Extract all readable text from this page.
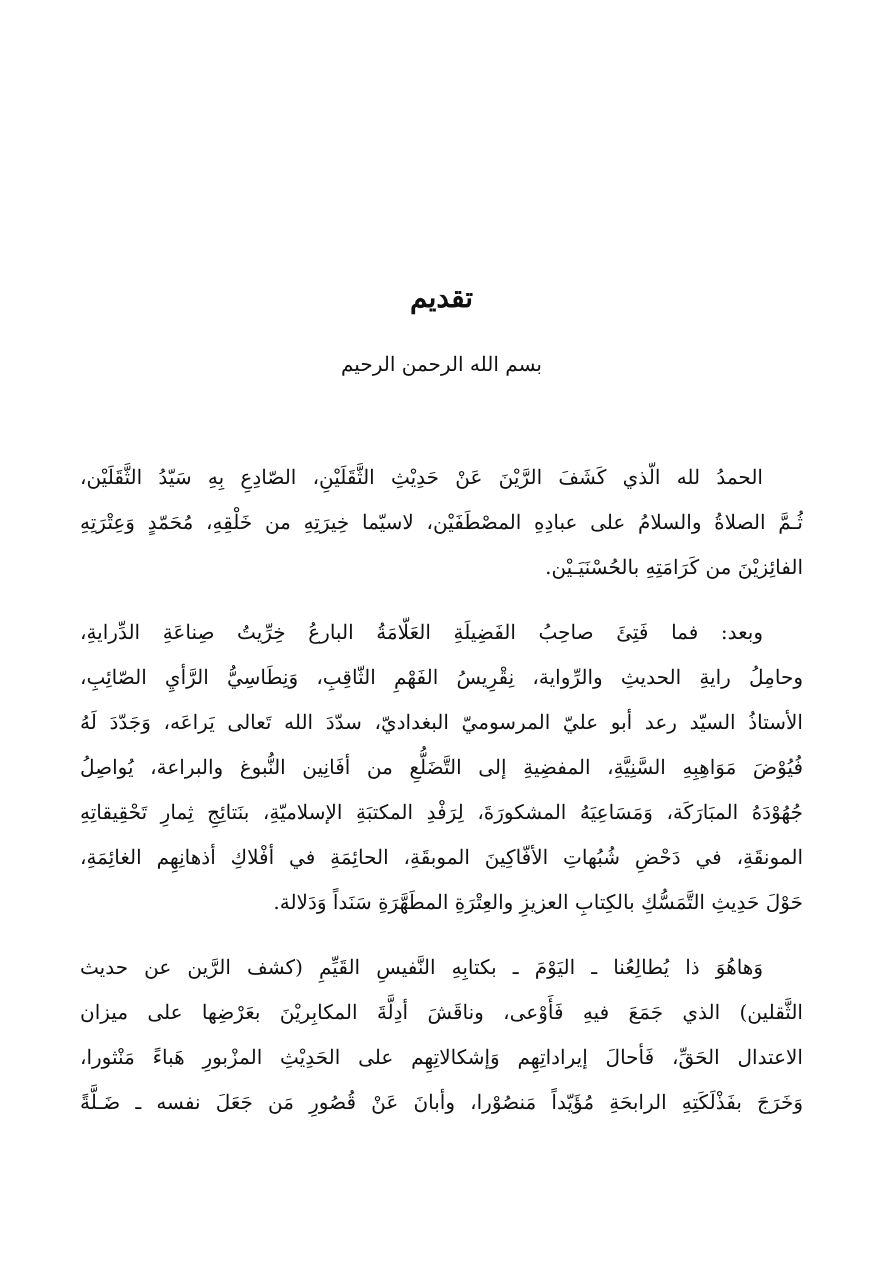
تقديم
بسم الله الرحمن الرحيم
الحمدُ لله الّذي كَشَفَ الرَّيْنَ عَنْ حَدِيْثِ الثَّقَلَيْنِ، الصّادِعِ بِهِ سَيّدُ الثَّقَلَيْن،
ثُـمَّ الصلاةُ والسلامُ على عبادِهِ المصْطَفَيْن، لاسيّما خِيرَتِهِ من خَلْقِهِ، مُحَمّدٍ وَعِتْرَتِهِ
الفائِزيْنَ من كَرَامَتِهِ بالحُسْنَيَـيْن.
وبعد: فما فَتِئَ صاحِبُ الفَضِيلَةِ العَلّامَةُ البارعُ خِرِّيتُ صِناعَةِ الدِّرايةِ،
وحامِلُ رايةِ الحديثِ والرِّواية، نِقْرِيسُ الفَهْمِ الثّاقِبِ، وَنِطَاسِيُّ الرَّأيِ الصّائِبِ،
الأستاذُ السيّد رعد أبو عليّ المرسوميّ البغداديّ، سدّدَ الله تَعالى يَراعَه، وَجَدّدَ لَهُ
فُيُوْضَ مَوَاهِبِهِ السَّنِيَّةِ، المفضِيةِ إلى التَّضَلُّعِ من أفَانِين النُّبوغ والبراعة، يُواصِلُ
جُهُوْدَهُ المبَارَكَة، وَمَسَاعِيَهُ المشكورَةَ، لِرَفْدِ المكتبَةِ الإسلاميّةِ، بنَتائِجِ ثِمارِ تَحْقِيقاتِهِ
المونقَةِ، في دَحْضِ شُبُهاتِ الأفّاكِينَ الموبقَةِ، الحائِمَةِ في أفْلاكِ أذهانِهِم الغائِمَةِ،
حَوْلَ حَدِيثِ التَّمَسُّكِ بالكِتابِ العزيزِ والعِتْرَةِ المطَهَّرَةِ سَنَداً وَدَلالة.
وَهاهُوَ ذا يُطالِعُنا ـ اليَوْمَ ـ بكتابِهِ النَّفيسِ القَيِّمِ (كشف الرَّين عن حديث
الثَّقلين) الذي جَمَعَ فيهِ فَأَوْعى، وناقَشَ أدِلَّةَ المكابِريْنَ بعَرْضِها على ميزان
الاعتدال الحَقِّ، فَأحالَ إيراداتِهِم وَإشكالاتِهِم على الحَدِيْثِ المزْبورِ هَباءً مَنْثورا،
وَخَرَجَ بفَذْلَكَتِهِ الرابحَةِ مُؤَيّداً مَنصُوْرا، وأبانَ عَنْ قُصُورِ مَن جَعَلَ نفسه ـ ضَـلَّةً
